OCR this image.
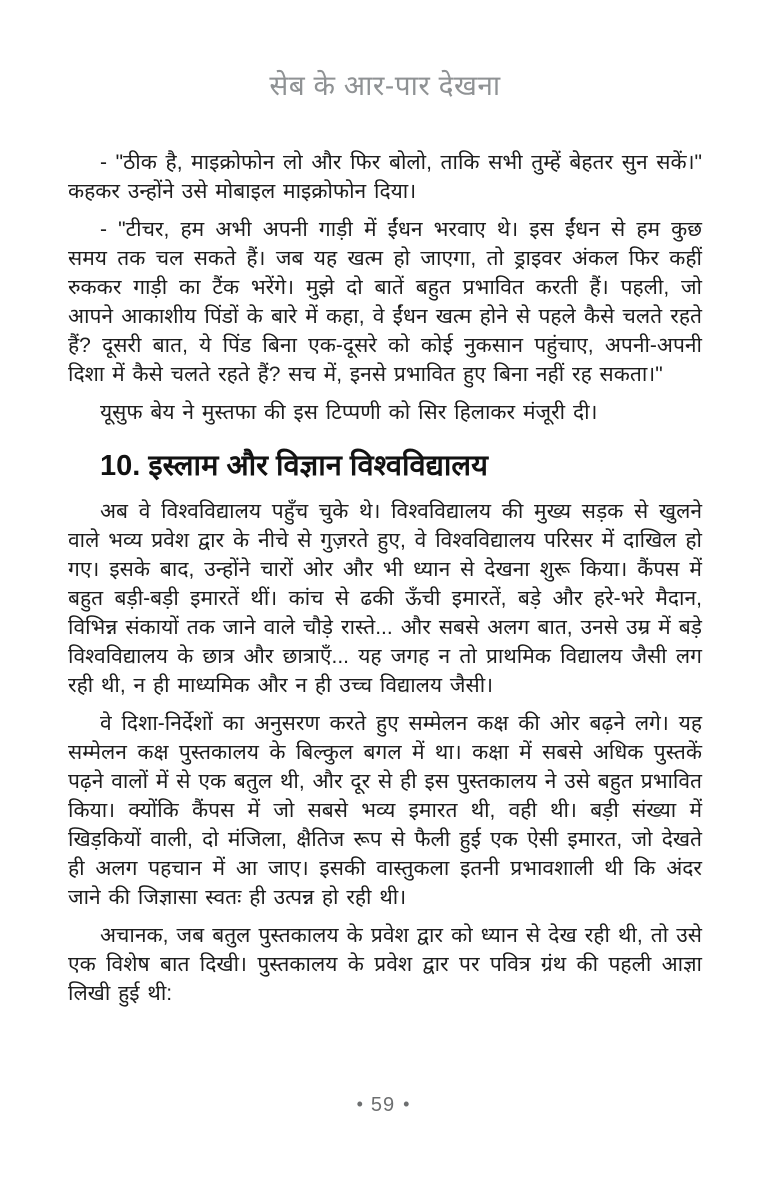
सेब के आर-पार देखना

- "ठीक है, माइक्रोफोन लो और फिर बोलो, ताकि सभी तुम्हें बेहतर सुन सकें।" कहकर उन्होंने उसे मोबाइल माइक्रोफोन दिया।

- "टीचर, हम अभी अपनी गाड़ी में ईंधन भरवाए थे। इस ईंधन से हम कुछ समय तक चल सकते हैं। जब यह खत्म हो जाएगा, तो ड्राइवर अंकल फिर कहीं रुककर गाड़ी का टैंक भरेंगे। मुझे दो बातें बहुत प्रभावित करती हैं। पहली, जो आपने आकाशीय पिंडों के बारे में कहा, वे ईंधन खत्म होने से पहले कैसे चलते रहते हैं? दूसरी बात, ये पिंड बिना एक-दूसरे को कोई नुकसान पहुंचाए, अपनी-अपनी दिशा में कैसे चलते रहते हैं? सच में, इनसे प्रभावित हुए बिना नहीं रह सकता।"

यूसुफ बेय ने मुस्तफा की इस टिप्पणी को सिर हिलाकर मंजूरी दी।

10. इस्लाम और विज्ञान विश्वविद्यालय

अब वे विश्वविद्यालय पहुँच चुके थे। विश्वविद्यालय की मुख्य सड़क से खुलने वाले भव्य प्रवेश द्वार के नीचे से गुज़रते हुए, वे विश्वविद्यालय परिसर में दाखिल हो गए। इसके बाद, उन्होंने चारों ओर और भी ध्यान से देखना शुरू किया। कैंपस में बहुत बड़ी-बड़ी इमारतें थीं। कांच से ढकी ऊँची इमारतें, बड़े और हरे-भरे मैदान, विभिन्न संकायों तक जाने वाले चौड़े रास्ते... और सबसे अलग बात, उनसे उम्र में बड़े विश्वविद्यालय के छात्र और छात्राएँ... यह जगह न तो प्राथमिक विद्यालय जैसी लग रही थी, न ही माध्यमिक और न ही उच्च विद्यालय जैसी।

वे दिशा-निर्देशों का अनुसरण करते हुए सम्मेलन कक्ष की ओर बढ़ने लगे। यह सम्मेलन कक्ष पुस्तकालय के बिल्कुल बगल में था। कक्षा में सबसे अधिक पुस्तकें पढ़ने वालों में से एक बतुल थी, और दूर से ही इस पुस्तकालय ने उसे बहुत प्रभावित किया। क्योंकि कैंपस में जो सबसे भव्य इमारत थी, वही थी। बड़ी संख्या में खिड़कियों वाली, दो मंजिला, क्षैतिज रूप से फैली हुई एक ऐसी इमारत, जो देखते ही अलग पहचान में आ जाए। इसकी वास्तुकला इतनी प्रभावशाली थी कि अंदर जाने की जिज्ञासा स्वतः ही उत्पन्न हो रही थी।

अचानक, जब बतुल पुस्तकालय के प्रवेश द्वार को ध्यान से देख रही थी, तो उसे एक विशेष बात दिखी। पुस्तकालय के प्रवेश द्वार पर पवित्र ग्रंथ की पहली आज्ञा लिखी हुई थी:

• 59 •
